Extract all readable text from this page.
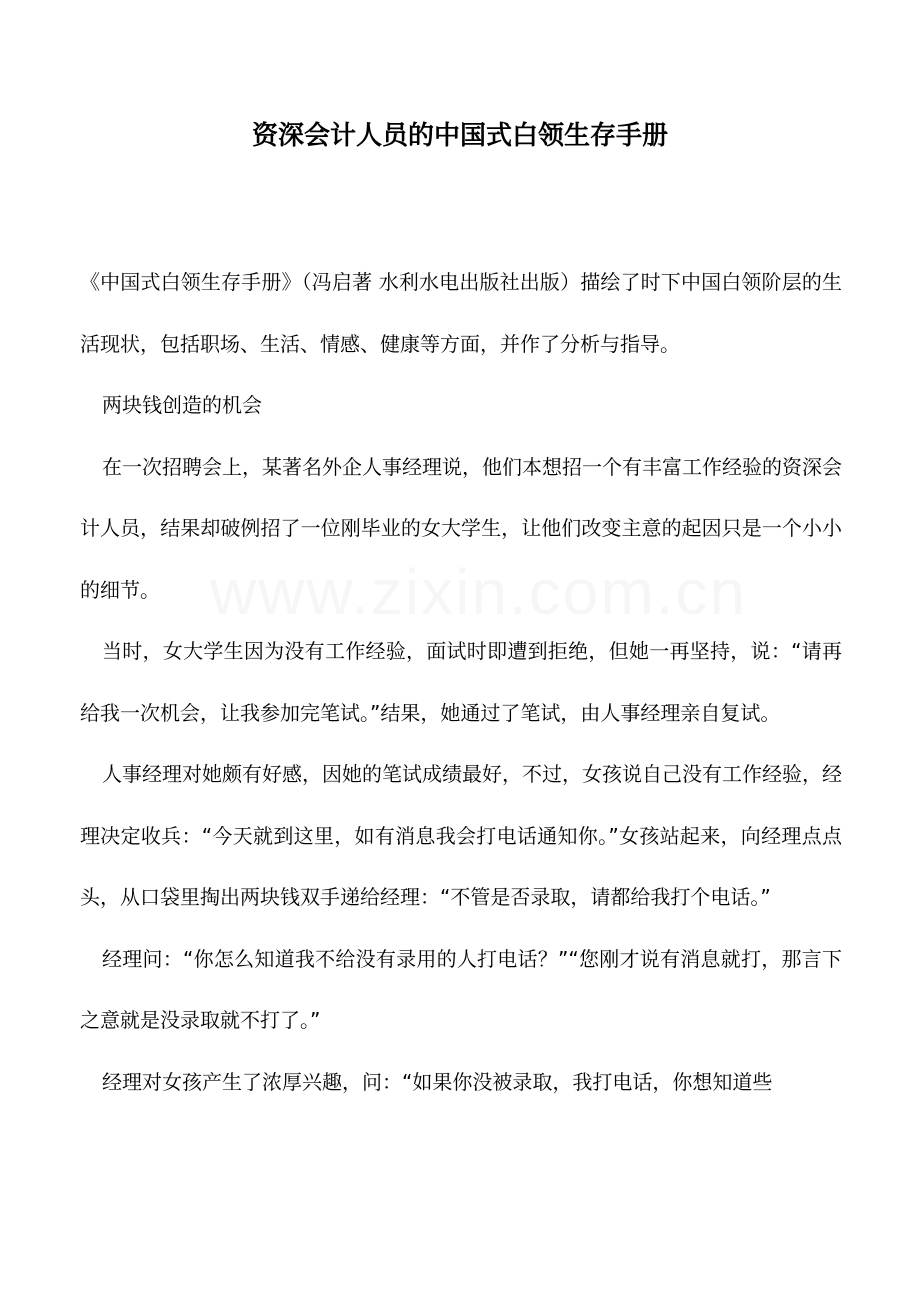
www.zixin.com.cn
资深会计人员的中国式白领生存手册

《中国式白领生存手册》（冯启著 水利水电出版社出版）描绘了时下中国白领阶层的生活现状，包括职场、生活、情感、健康等方面，并作了分析与指导。

两块钱创造的机会

在一次招聘会上，某著名外企人事经理说，他们本想招一个有丰富工作经验的资深会计人员，结果却破例招了一位刚毕业的女大学生，让他们改变主意的起因只是一个小小的细节。

当时，女大学生因为没有工作经验，面试时即遭到拒绝，但她一再坚持，说：“请再给我一次机会，让我参加完笔试。”结果，她通过了笔试，由人事经理亲自复试。

人事经理对她颇有好感，因她的笔试成绩最好，不过，女孩说自己没有工作经验，经理决定收兵：“今天就到这里，如有消息我会打电话通知你。”女孩站起来，向经理点点头，从口袋里掏出两块钱双手递给经理：“不管是否录取，请都给我打个电话。”

经理问：“你怎么知道我不给没有录用的人打电话？”“您刚才说有消息就打，那言下之意就是没录取就不打了。”

经理对女孩产生了浓厚兴趣，问：“如果你没被录取，我打电话，你想知道些
